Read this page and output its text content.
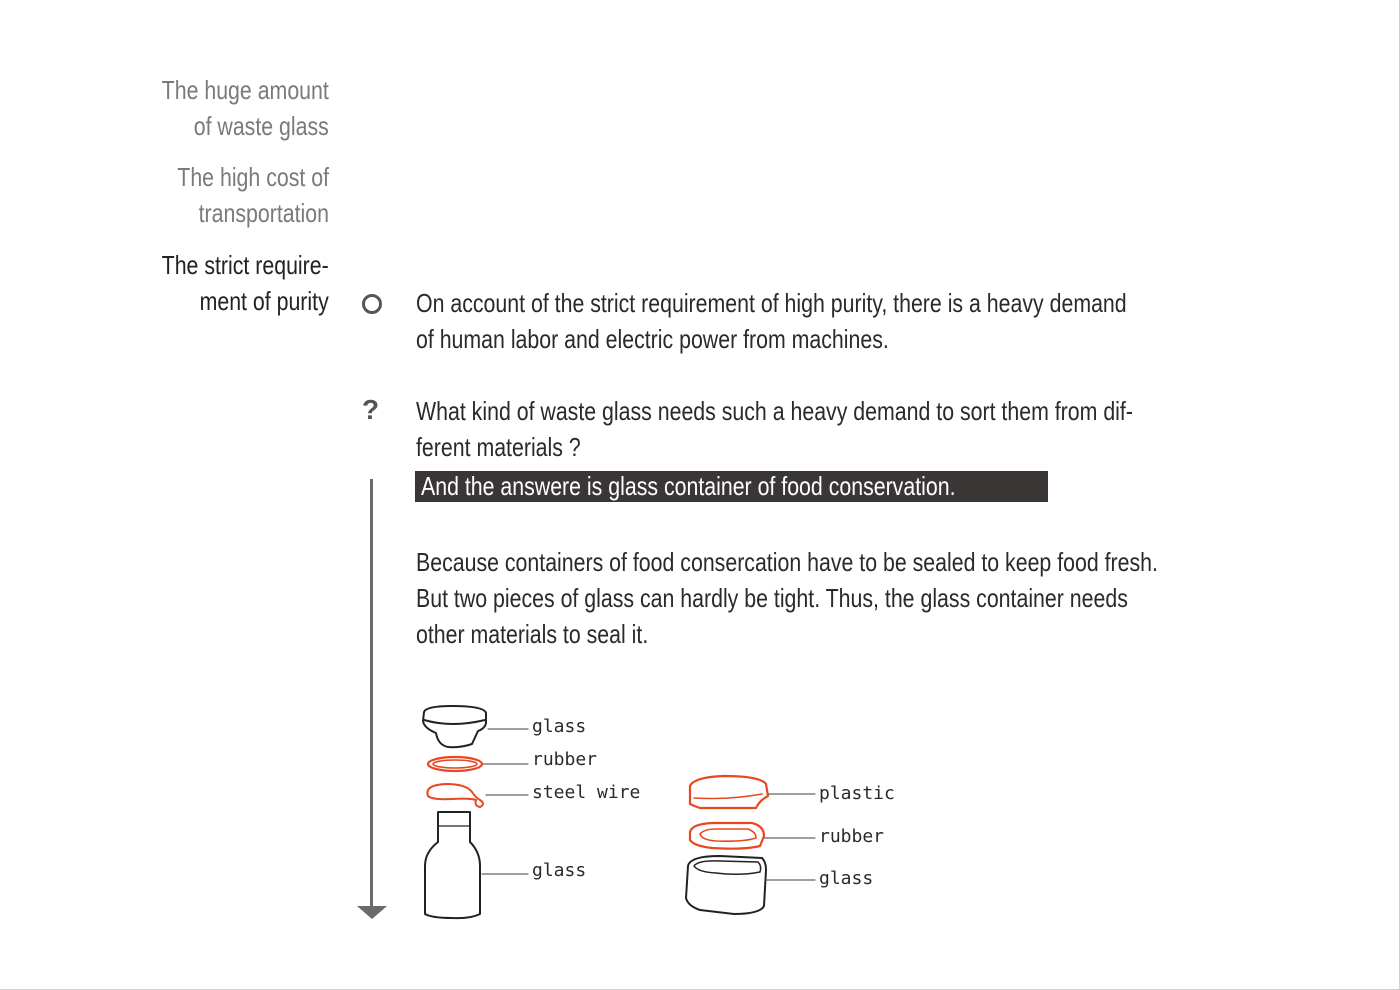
The huge amount
of waste glass
The high cost of
transportation
The strict require-
ment of purity
?
On account of the strict requirement of high purity, there is a heavy demand
of human labor and electric power from machines.
What kind of waste glass needs such a heavy demand to sort them from dif-
ferent materials ?
And the answere is glass container of food conservation.
Because containers of food consercation have to be sealed to keep food fresh.
But two pieces of glass can hardly be tight. Thus, the glass container needs
other materials to seal it.
glass
rubber
steel wire
glass
plastic
rubber
glass
